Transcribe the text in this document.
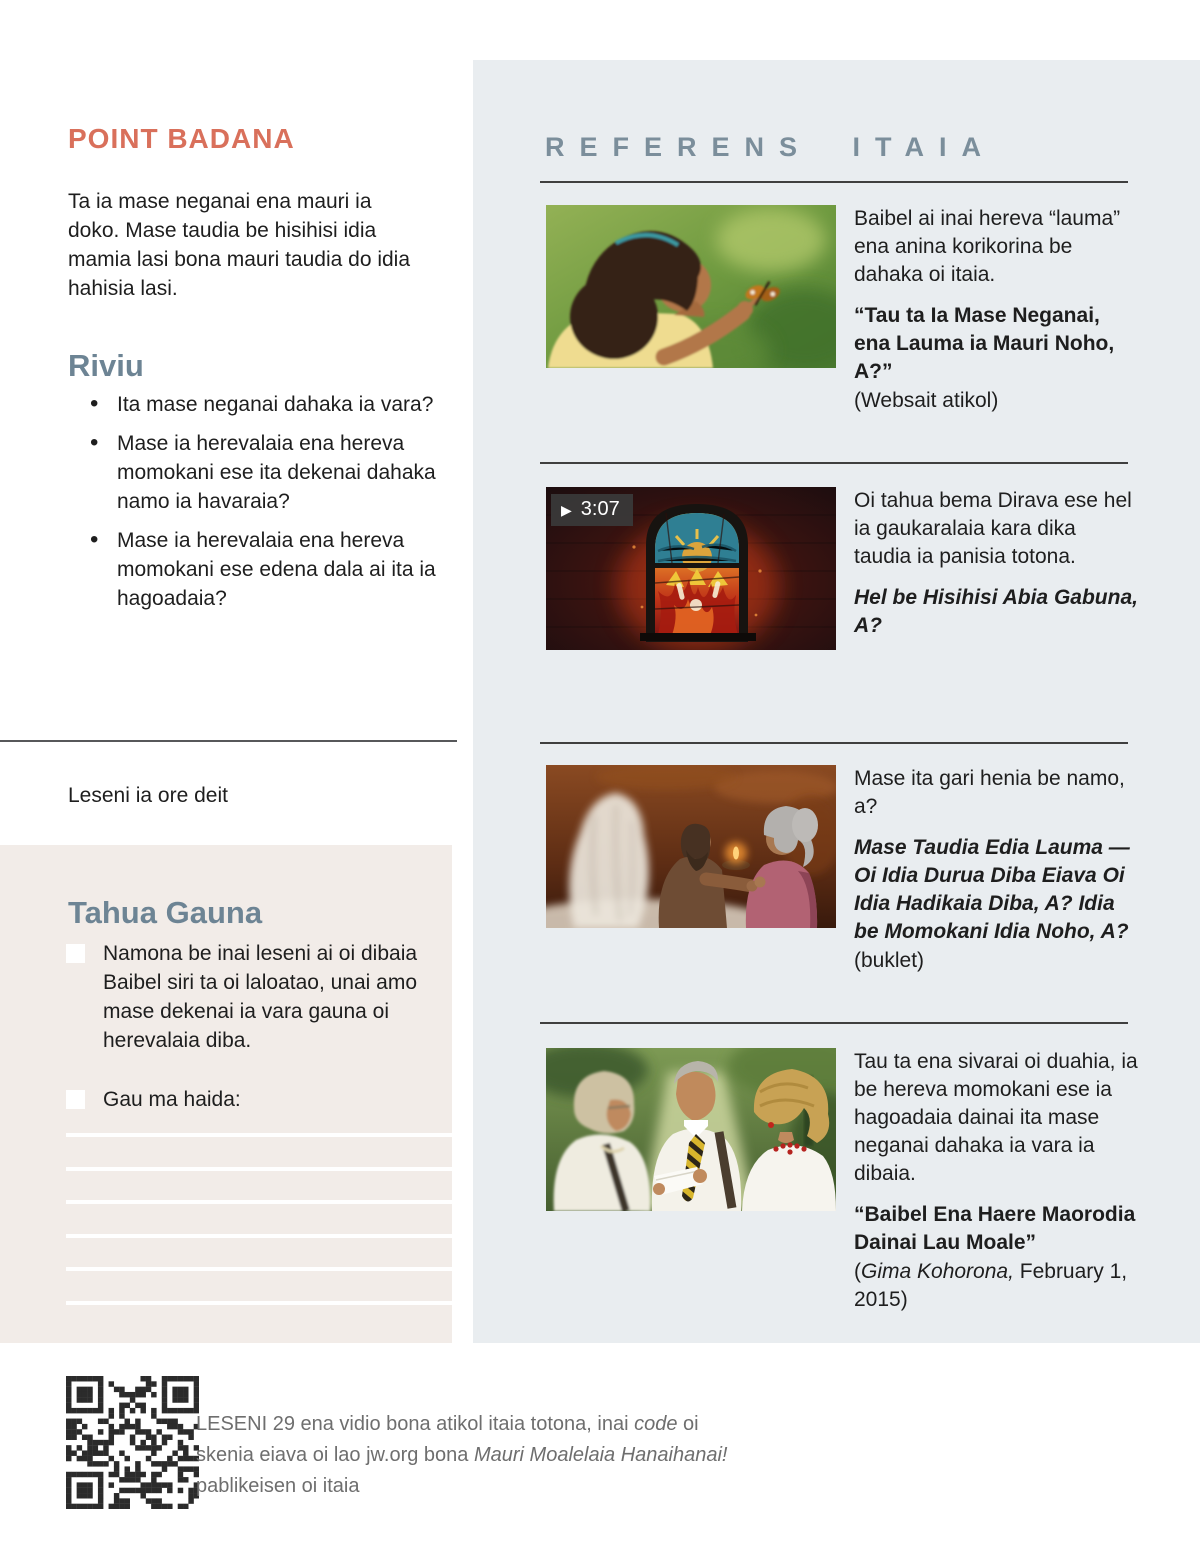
POINT BADANA

Ta ia mase neganai ena mauri ia doko. Mase taudia be hisihisi idia mamia lasi bona mauri taudia do idia hahisia lasi.

Riviu
• Ita mase neganai dahaka ia vara?
• Mase ia herevalaia ena hereva momokani ese ita dekenai dahaka namo ia havaraia?
• Mase ia herevalaia ena hereva momokani ese edena dala ai ita ia hagoadaia?

Leseni ia ore deit

Tahua Gauna
Namona be inai leseni ai oi dibaia Baibel siri ta oi laloatao, unai amo mase dekenai ia vara gauna oi herevalaia diba.
Gau ma haida:
REFERENS ITAIA

Baibel ai inai hereva “lauma” ena anina korikorina be dahaka oi itaia.

“Tau ta Ia Mase Neganai, ena Lauma ia Mauri Noho, A?”

(Websait atikol)

▶ 3:07	Oi tahua bema Dirava ese hel ia gaukaralaia kara dika taudia ia panisia totona.

Hel be Hisihisi Abia Gabuna, A?

Mase ita gari henia be namo, a?

Mase Taudia Edia Lauma —Oi Idia Durua Diba Eiava Oi Idia Hadikaia Diba, A? Idia be Momokani Idia Noho, A?

(buklet)

Tau ta ena sivarai oi duahia, ia be hereva momokani ese ia hagoadaia dainai ita mase neganai dahaka ia vara ia dibaia.

“Baibel Ena Haere Maorodia Dainai Lau Moale”

(Gima Kohorona, February 1, 2015)

LESENI 29 ena vidio bona atikol itaia totona, inai code oi skenia eiava oi lao jw.org bona Mauri Moalelaia Hanaihanai! pablikeisen oi itaia
